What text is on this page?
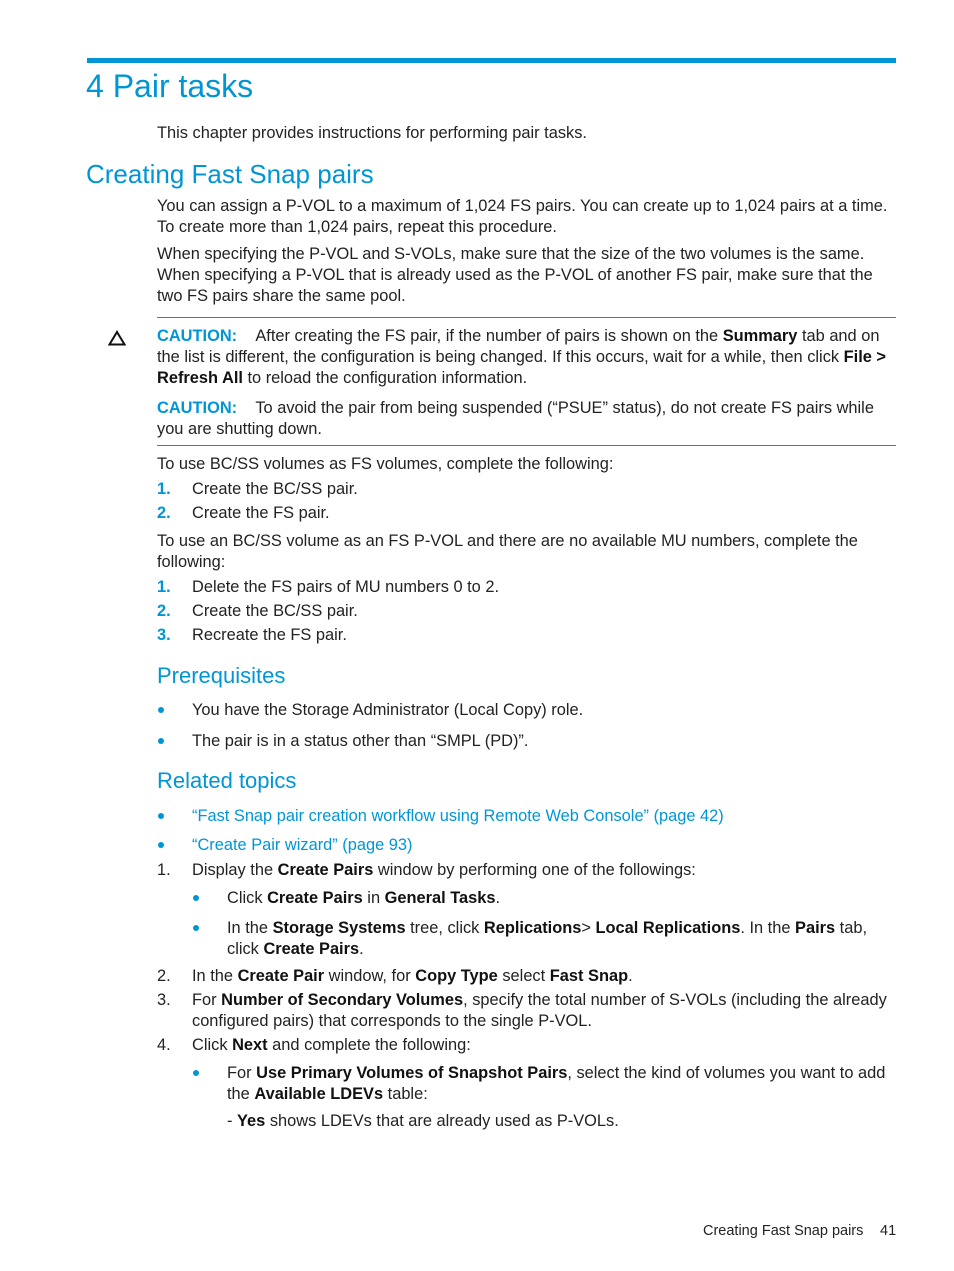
4 Pair tasks
This chapter provides instructions for performing pair tasks.
Creating Fast Snap pairs
You can assign a P-VOL to a maximum of 1,024 FS pairs. You can create up to 1,024 pairs at a time. To create more than 1,024 pairs, repeat this procedure.
When specifying the P-VOL and S-VOLs, make sure that the size of the two volumes is the same. When specifying a P-VOL that is already used as the P-VOL of another FS pair, make sure that the two FS pairs share the same pool.
CAUTION: After creating the FS pair, if the number of pairs is shown on the Summary tab and on the list is different, the configuration is being changed. If this occurs, wait for a while, then click File > Refresh All to reload the configuration information.
CAUTION: To avoid the pair from being suspended (“PSUE” status), do not create FS pairs while you are shutting down.
To use BC/SS volumes as FS volumes, complete the following:
1. Create the BC/SS pair.
2. Create the FS pair.
To use an BC/SS volume as an FS P-VOL and there are no available MU numbers, complete the following:
1. Delete the FS pairs of MU numbers 0 to 2.
2. Create the BC/SS pair.
3. Recreate the FS pair.
Prerequisites
You have the Storage Administrator (Local Copy) role.
The pair is in a status other than “SMPL (PD)”.
Related topics
“Fast Snap pair creation workflow using Remote Web Console” (page 42)
“Create Pair wizard” (page 93)
1. Display the Create Pairs window by performing one of the followings:
Click Create Pairs in General Tasks.
In the Storage Systems tree, click Replications> Local Replications. In the Pairs tab, click Create Pairs.
2. In the Create Pair window, for Copy Type select Fast Snap.
3. For Number of Secondary Volumes, specify the total number of S-VOLs (including the already configured pairs) that corresponds to the single P-VOL.
4. Click Next and complete the following:
For Use Primary Volumes of Snapshot Pairs, select the kind of volumes you want to add the Available LDEVs table:
- Yes shows LDEVs that are already used as P-VOLs.
Creating Fast Snap pairs 41
